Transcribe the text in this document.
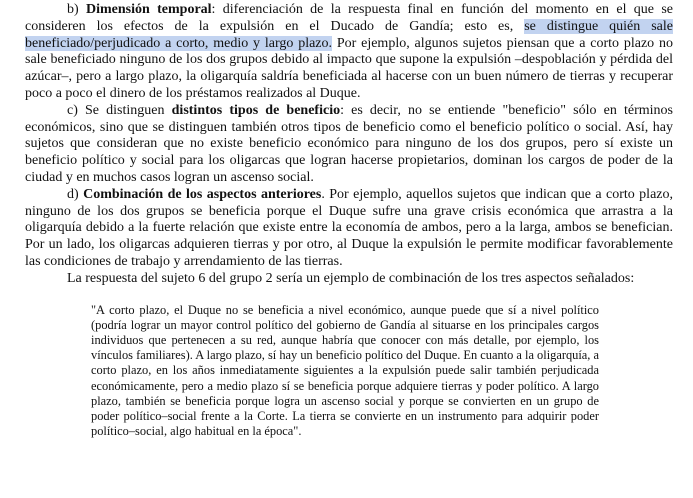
b) Dimensión temporal: diferenciación de la respuesta final en función del momento en el que se consideren los efectos de la expulsión en el Ducado de Gandía; esto es, se distingue quién sale beneficiado/perjudicado a corto, medio y largo plazo. Por ejemplo, algunos sujetos piensan que a corto plazo no sale beneficiado ninguno de los dos grupos debido al impacto que supone la expulsión –despoblación y pérdida del azúcar–, pero a largo plazo, la oligarquía saldría beneficiada al hacerse con un buen número de tierras y recuperar poco a poco el dinero de los préstamos realizados al Duque.

c) Se distinguen distintos tipos de beneficio: es decir, no se entiende "beneficio" sólo en términos económicos, sino que se distinguen también otros tipos de beneficio como el beneficio político o social. Así, hay sujetos que consideran que no existe beneficio económico para ninguno de los dos grupos, pero sí existe un beneficio político y social para los oligarcas que logran hacerse propietarios, dominan los cargos de poder de la ciudad y en muchos casos logran un ascenso social.

d) Combinación de los aspectos anteriores. Por ejemplo, aquellos sujetos que indican que a corto plazo, ninguno de los dos grupos se beneficia porque el Duque sufre una grave crisis económica que arrastra a la oligarquía debido a la fuerte relación que existe entre la economía de ambos, pero a la larga, ambos se benefician. Por un lado, los oligarcas adquieren tierras y por otro, al Duque la expulsión le permite modificar favorablemente las condiciones de trabajo y arrendamiento de las tierras.

La respuesta del sujeto 6 del grupo 2 sería un ejemplo de combinación de los tres aspectos señalados:

"A corto plazo, el Duque no se beneficia a nivel económico, aunque puede que sí a nivel político (podría lograr un mayor control político del gobierno de Gandía al situarse en los principales cargos individuos que pertenecen a su red, aunque habría que conocer con más detalle, por ejemplo, los vínculos familiares). A largo plazo, sí hay un beneficio político del Duque. En cuanto a la oligarquía, a corto plazo, en los años inmediatamente siguientes a la expulsión puede salir también perjudicada económicamente, pero a medio plazo sí se beneficia porque adquiere tierras y poder político. A largo plazo, también se beneficia porque logra un ascenso social y porque se convierten en un grupo de poder político–social frente a la Corte. La tierra se convierte en un instrumento para adquirir poder político–social, algo habitual en la época".
